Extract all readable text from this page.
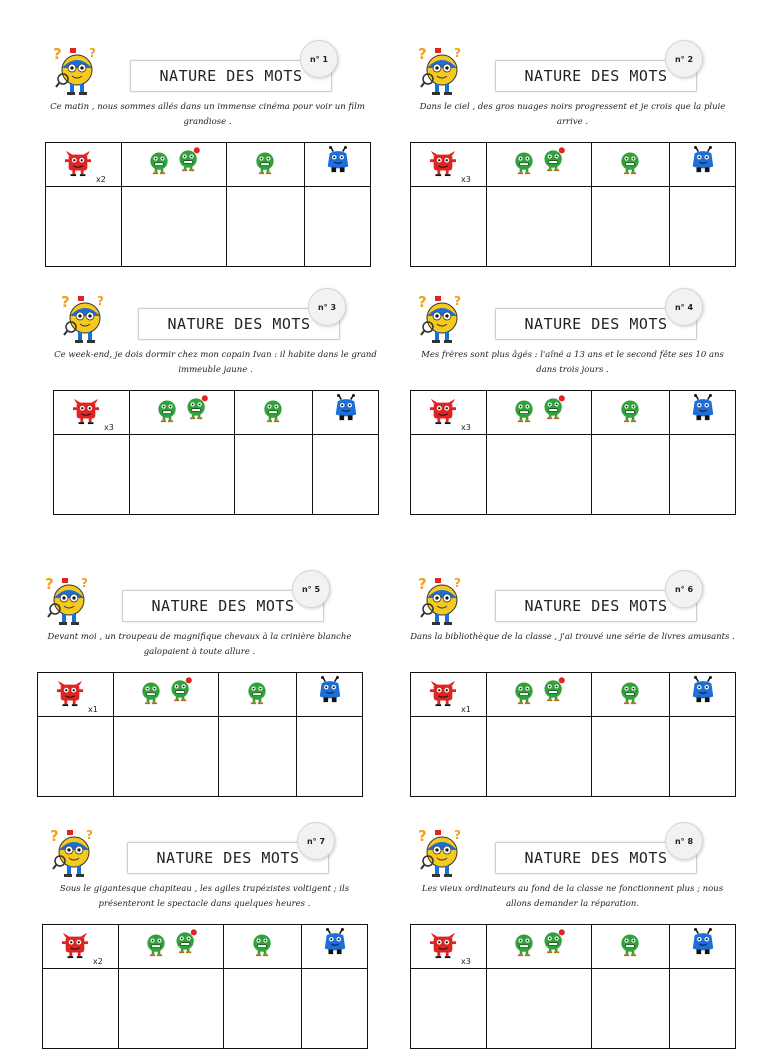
NATURE DES MOTS
n° 1
Ce matin , nous sommes allés dans un immense cinéma pour voir un film grandiose .
x2

NATURE DES MOTS
n° 2
Dans le ciel , des gros nuages noirs progressent et je crois que la pluie arrive .
x3

NATURE DES MOTS
n° 3
Ce week-end, je dois dormir chez mon copain Ivan : il habite dans le grand immeuble jaune .
x3

NATURE DES MOTS
n° 4
Mes frères sont plus âgés : l'aîné a 13 ans et le second fête ses 10 ans dans trois jours .
x3

NATURE DES MOTS
n° 5
Devant moi , un troupeau de magnifique chevaux à la crinière blanche galopaient à toute allure .
x1

NATURE DES MOTS
n° 6
Dans la bibliothèque de la classe , j'ai trouvé une série de livres amusants .
x1

NATURE DES MOTS
n° 7
Sous le gigantesque chapiteau , les agiles trapézistes voltigent ; ils présenteront le spectacle dans quelques heures .
x2

NATURE DES MOTS
n° 8
Les vieux ordinateurs au fond de la classe ne fonctionnent plus ; nous allons demander la réparation.
x3
